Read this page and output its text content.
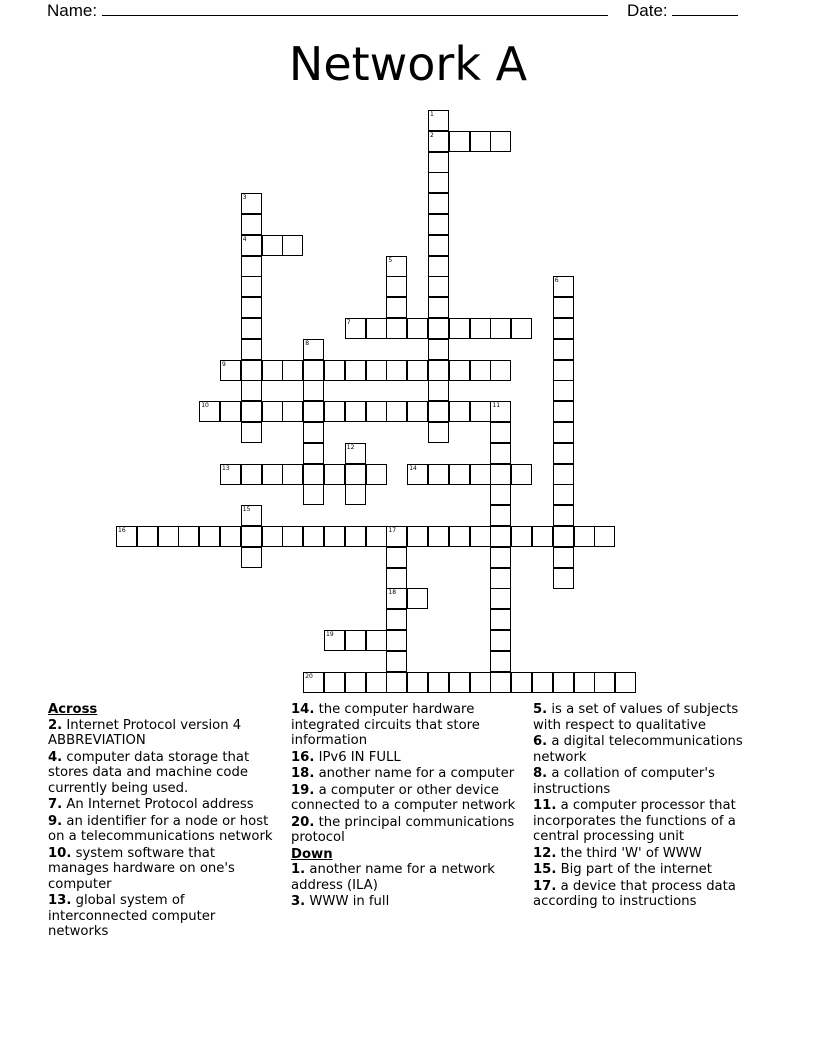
Name:	Date:
Network A
1
2
3
4
5
6
7
8
9
10	11
12
13	14
15
16	17
18
19
20
Across
2. Internet Protocol version 4 ABBREVIATION
4. computer data storage that stores data and machine code currently being used.
7. An Internet Protocol address
9. an identifier for a node or host on a telecommunications network
10. system software that manages hardware on one's computer
13. global system of interconnected computer networks
14. the computer hardware integrated circuits that store information
16. IPv6 IN FULL
18. another name for a computer
19. a computer or other device connected to a computer network
20. the principal communications protocol
Down
1. another name for a network address (ILA)
3. WWW in full
5. is a set of values of subjects with respect to qualitative
6. a digital telecommunications network
8. a collation of computer's instructions
11. a computer processor that incorporates the functions of a central processing unit
12. the third 'W' of WWW
15. Big part of the internet
17. a device that process data according to instructions
